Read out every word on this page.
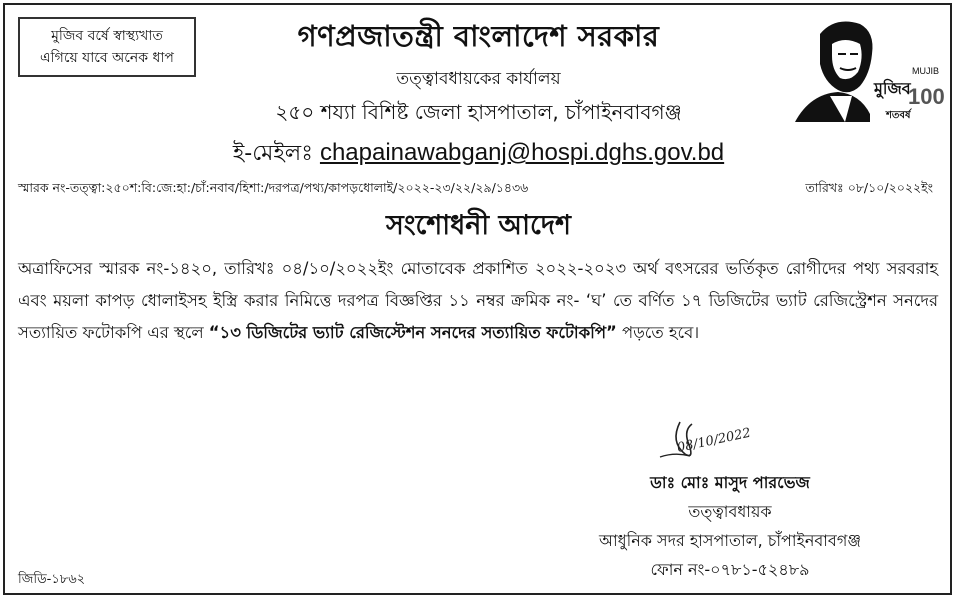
মুজিব বর্ষে স্বাস্থ্যখাত
এগিয়ে যাবে অনেক ধাপ
গণপ্রজাতন্ত্রী বাংলাদেশ সরকার
তত্ত্বাবধায়কের কার্যালয়
২৫০ শয্যা বিশিষ্ট জেলা হাসপাতাল, চাঁপাইনবাবগঞ্জ
ই-মেইলঃ chapainawabganj@hospi.dghs.gov.bd
মুজিব
MUJIB
100
শতবর্ষ
স্মারক নং-তত্ত্বা:২৫০শ:বি:জে:হা:/চাঁ:নবাব/হিশা:/দরপত্র/পথ্য/কাপড়ধোলাই/২০২২-২৩/২২/২৯/১৪৩৬	তারিখঃ ০৮/১০/২০২২ইং
সংশোধনী আদেশ
অত্রাফিসের স্মারক নং-১৪২০, তারিখঃ ০৪/১০/২০২২ইং মোতাবেক প্রকাশিত ২০২২-২০২৩ অর্থ বৎসরের ভর্তিকৃত রোগীদের পথ্য সরবরাহ এবং ময়লা কাপড় ধোলাইসহ ইস্ত্রি করার নিমিত্তে দরপত্র বিজ্ঞপ্তির ১১ নম্বর ক্রমিক নং- ‘ঘ’ তে বর্ণিত ১৭ ডিজিটের ভ্যাট রেজিস্ট্রেশন সনদের সত্যায়িত ফটোকপি এর স্থলে “১৩ ডিজিটের ভ্যাট রেজিস্টেশন সনদের সত্যায়িত ফটোকপি” পড়তে হবে।
08/10/2022
ডাঃ মোঃ মাসুদ পারভেজ
তত্ত্বাবধায়ক
আধুনিক সদর হাসপাতাল, চাঁপাইনবাবগঞ্জ
ফোন নং-০৭৮১-৫২৪৮৯
জিডি-১৮৬২
